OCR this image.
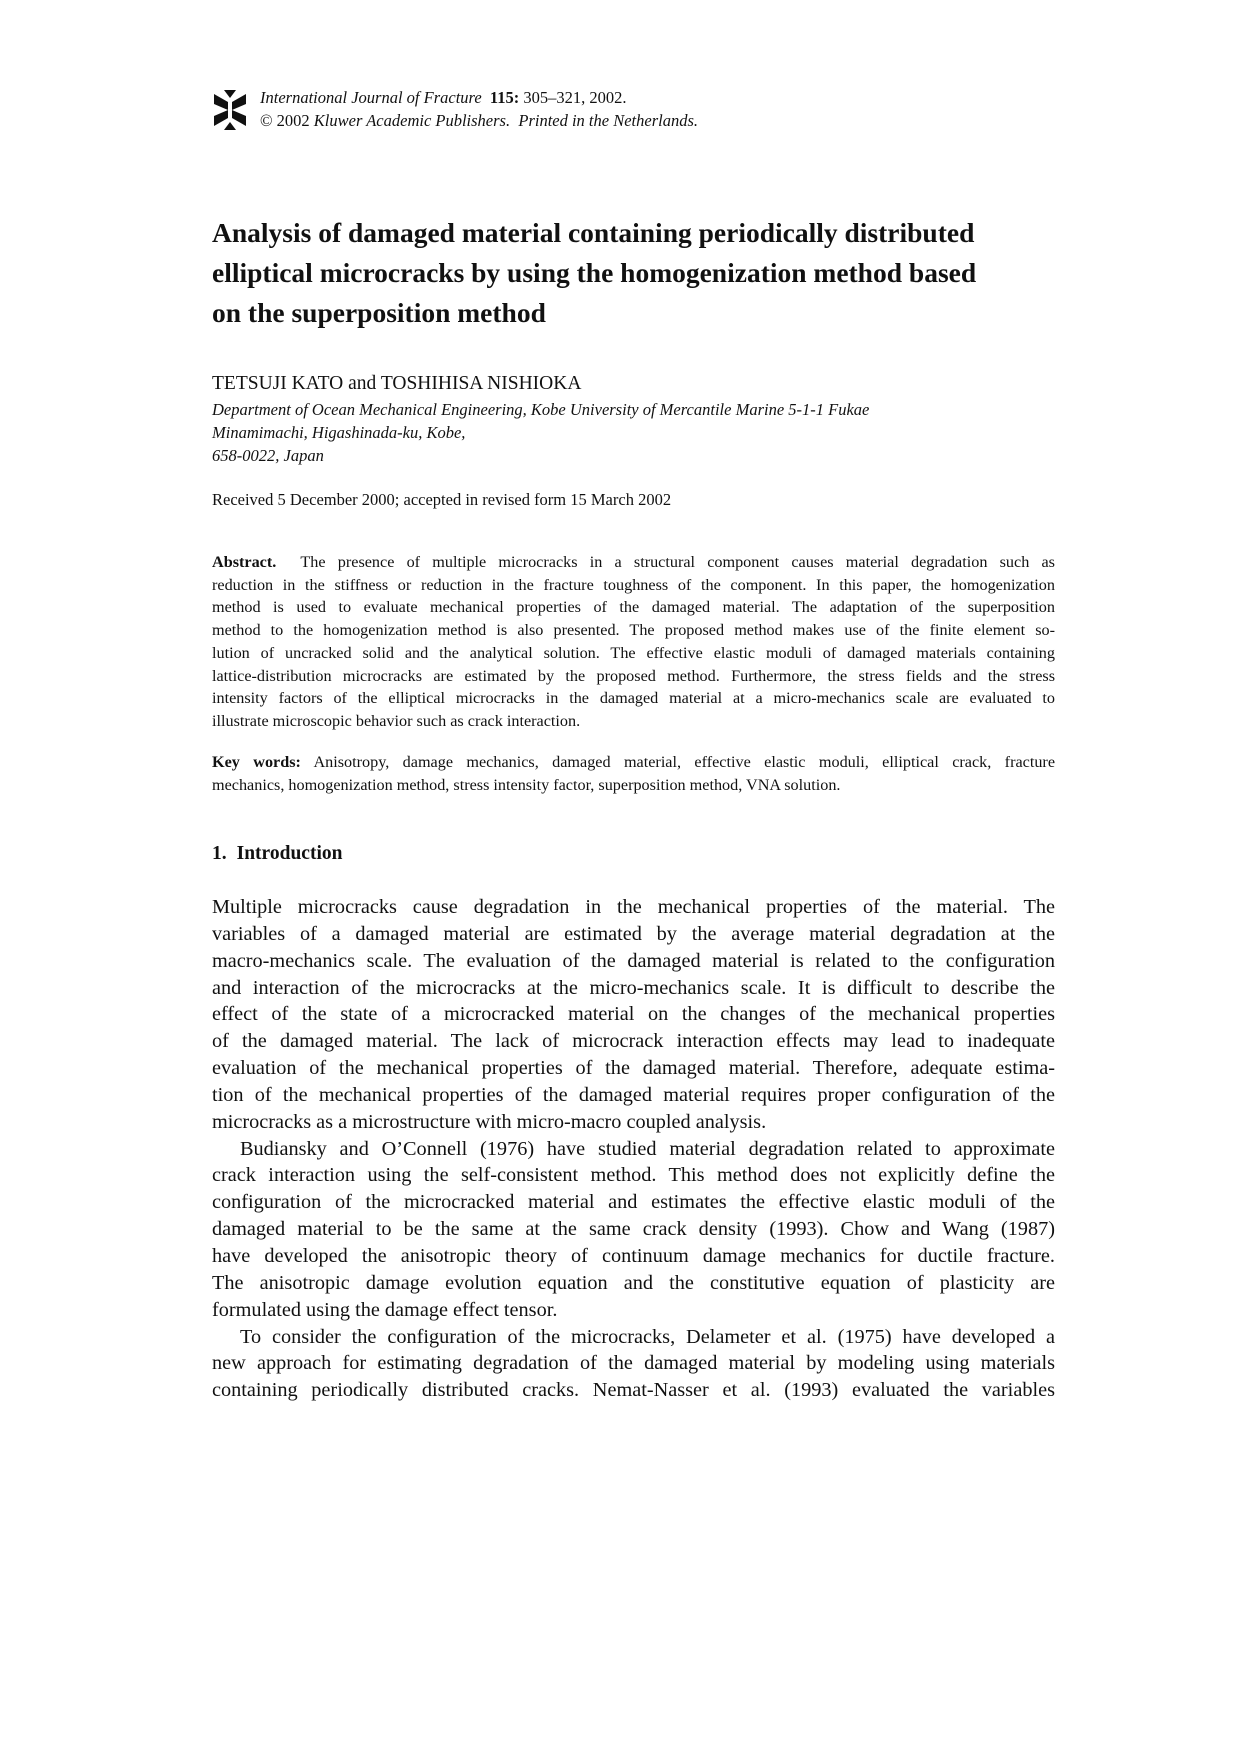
International Journal of Fracture 115: 305–321, 2002.
© 2002 Kluwer Academic Publishers. Printed in the Netherlands.
Analysis of damaged material containing periodically distributed
elliptical microcracks by using the homogenization method based
on the superposition method
TETSUJI KATO and TOSHIHISA NISHIOKA
Department of Ocean Mechanical Engineering, Kobe University of Mercantile Marine 5-1-1 Fukae
Minamimachi, Higashinada-ku, Kobe,
658-0022, Japan
Received 5 December 2000; accepted in revised form 15 March 2002
Abstract. The presence of multiple microcracks in a structural component causes material degradation such as
reduction in the stiffness or reduction in the fracture toughness of the component. In this paper, the homogenization
method is used to evaluate mechanical properties of the damaged material. The adaptation of the superposition
method to the homogenization method is also presented. The proposed method makes use of the finite element so-
lution of uncracked solid and the analytical solution. The effective elastic moduli of damaged materials containing
lattice-distribution microcracks are estimated by the proposed method. Furthermore, the stress fields and the stress
intensity factors of the elliptical microcracks in the damaged material at a micro-mechanics scale are evaluated to
illustrate microscopic behavior such as crack interaction.
Key words: Anisotropy, damage mechanics, damaged material, effective elastic moduli, elliptical crack, fracture
mechanics, homogenization method, stress intensity factor, superposition method, VNA solution.
1. Introduction
Multiple microcracks cause degradation in the mechanical properties of the material. The
variables of a damaged material are estimated by the average material degradation at the
macro-mechanics scale. The evaluation of the damaged material is related to the configuration
and interaction of the microcracks at the micro-mechanics scale. It is difficult to describe the
effect of the state of a microcracked material on the changes of the mechanical properties
of the damaged material. The lack of microcrack interaction effects may lead to inadequate
evaluation of the mechanical properties of the damaged material. Therefore, adequate estima-
tion of the mechanical properties of the damaged material requires proper configuration of the
microcracks as a microstructure with micro-macro coupled analysis.
Budiansky and O’Connell (1976) have studied material degradation related to approximate
crack interaction using the self-consistent method. This method does not explicitly define the
configuration of the microcracked material and estimates the effective elastic moduli of the
damaged material to be the same at the same crack density (1993). Chow and Wang (1987)
have developed the anisotropic theory of continuum damage mechanics for ductile fracture.
The anisotropic damage evolution equation and the constitutive equation of plasticity are
formulated using the damage effect tensor.
To consider the configuration of the microcracks, Delameter et al. (1975) have developed a
new approach for estimating degradation of the damaged material by modeling using materials
containing periodically distributed cracks. Nemat-Nasser et al. (1993) evaluated the variables
